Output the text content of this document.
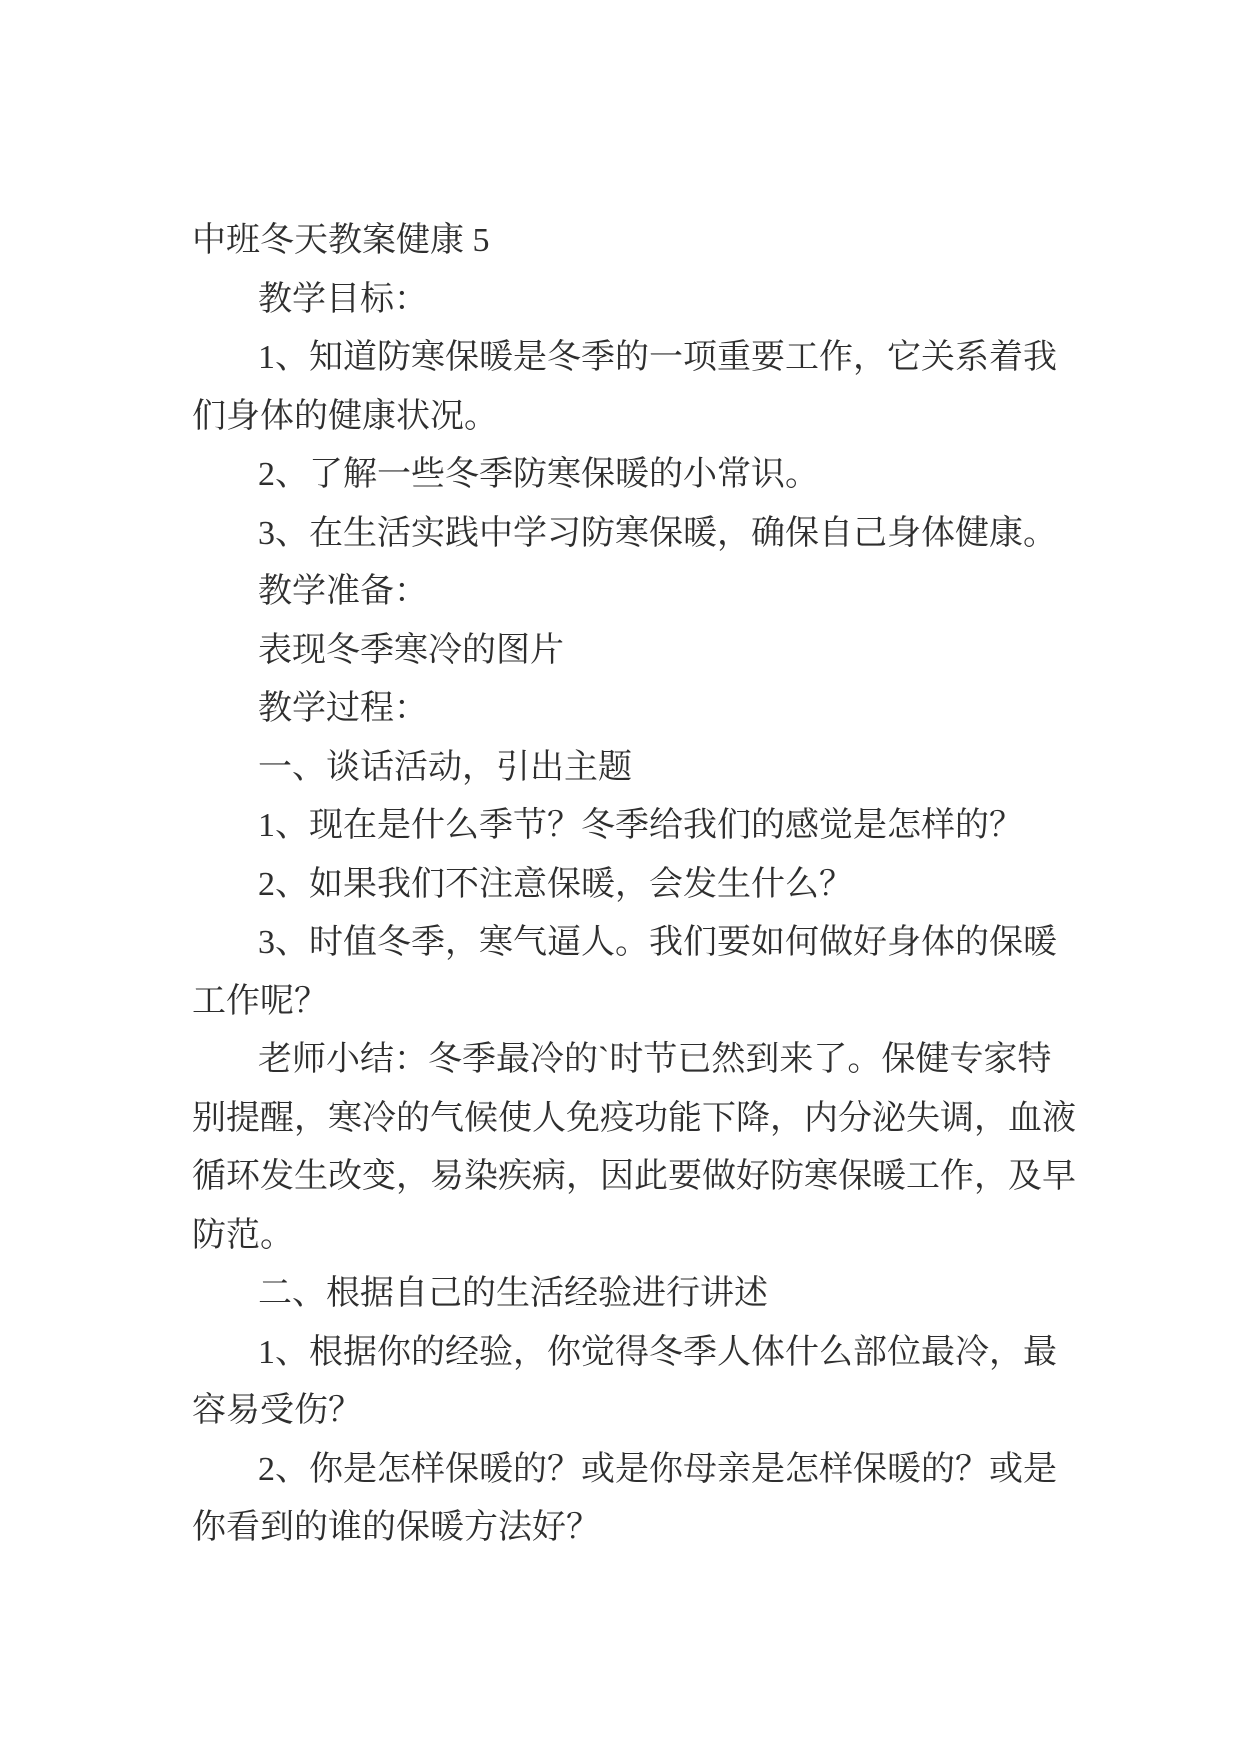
中班冬天教案健康 5
教学目标：
1、知道防寒保暖是冬季的一项重要工作，它关系着我
们身体的健康状况。
2、了解一些冬季防寒保暖的小常识。
3、在生活实践中学习防寒保暖，确保自己身体健康。
教学准备：
表现冬季寒冷的图片
教学过程：
一、谈话活动，引出主题
1、现在是什么季节？冬季给我们的感觉是怎样的？
2、如果我们不注意保暖，会发生什么？
3、时值冬季，寒气逼人。我们要如何做好身体的保暖
工作呢？
老师小结：冬季最冷的`时节已然到来了。保健专家特
别提醒，寒冷的气候使人免疫功能下降，内分泌失调，血液
循环发生改变，易染疾病，因此要做好防寒保暖工作，及早
防范。
二、根据自己的生活经验进行讲述
1、根据你的经验，你觉得冬季人体什么部位最冷，最
容易受伤？
2、你是怎样保暖的？或是你母亲是怎样保暖的？或是
你看到的谁的保暖方法好？
